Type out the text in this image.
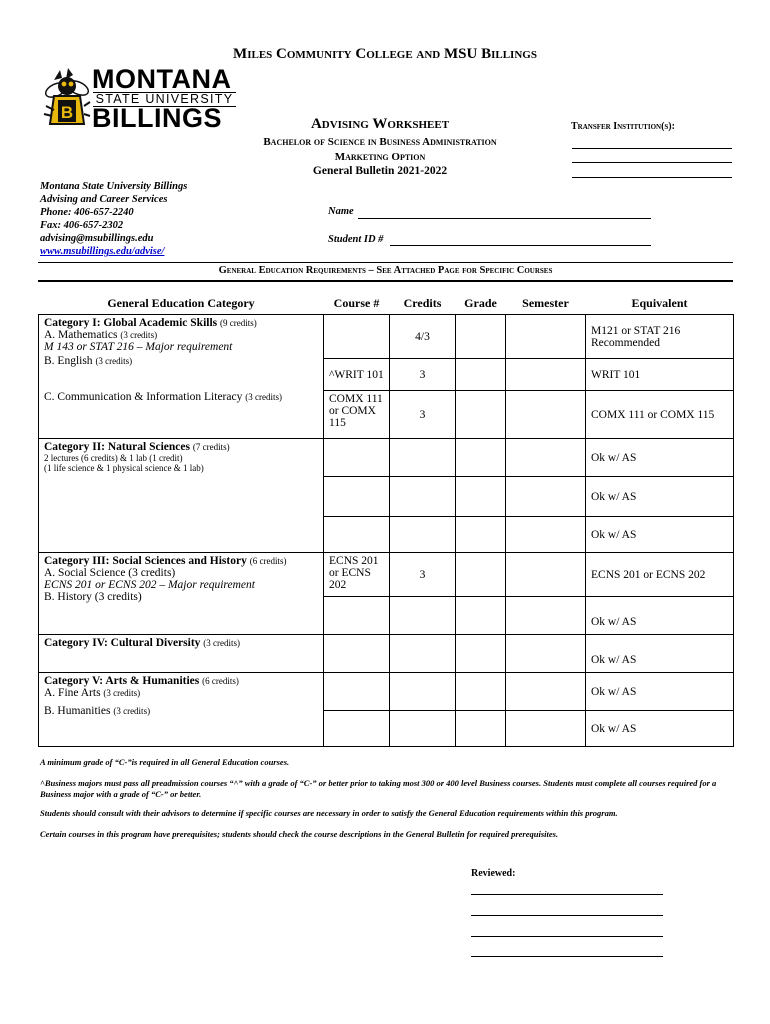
Miles Community College and MSU Billings
B
MONTANA
STATE UNIVERSITY
BILLINGS	Advising Worksheet
Bachelor of Science in Business Administration
Marketing Option
General Bulletin 2021-2022
Transfer Institution(s):
Montana State University Billings
Advising and Career Services
Phone: 406-657-2240
Fax: 406-657-2302
advising@msubillings.edu
www.msubillings.edu/advise/
Name
Student ID #
General Education Requirements – See Attached Page for Specific Courses
General Education Category	Course #	Credits	Grade	Semester	Equivalent

Category I: Global Academic Skills (9 credits)
A. Mathematics (3 credits)
M 143 or STAT 216 – Major requirement
B. English (3 credits)
C. Communication & Information Literacy (3 credits)		4/3			M121 or STAT 216 Recommended
	^WRIT 101	3			WRIT 101
	COMX 111 or COMX 115	3			COMX 111 or COMX 115

Category II: Natural Sciences (7 credits)
2 lectures (6 credits) & 1 lab (1 credit)
(1 life science & 1 physical science & 1 lab)					Ok w/ AS
					Ok w/ AS
					Ok w/ AS

Category III: Social Sciences and History (6 credits)
A. Social Science (3 credits)
ECNS 201 or ECNS 202 – Major requirement
B. History (3 credits)	ECNS 201 or ECNS 202	3			ECNS 201 or ECNS 202
					Ok w/ AS
Category IV: Cultural Diversity (3 credits)					Ok w/ AS

Category V: Arts & Humanities (6 credits)
A. Fine Arts (3 credits)
B. Humanities (3 credits)					Ok w/ AS
					Ok w/ AS
A minimum grade of “C-”is required in all General Education courses.
^Business majors must pass all preadmission courses “^” with a grade of “C-” or better prior to taking most 300 or 400 level Business courses. Students must complete all courses required for a Business major with a grade of “C-” or better.
Students should consult with their advisors to determine if specific courses are necessary in order to satisfy the General Education requirements within this program.
Certain courses in this program have prerequisites; students should check the course descriptions in the General Bulletin for required prerequisites.
Reviewed:
